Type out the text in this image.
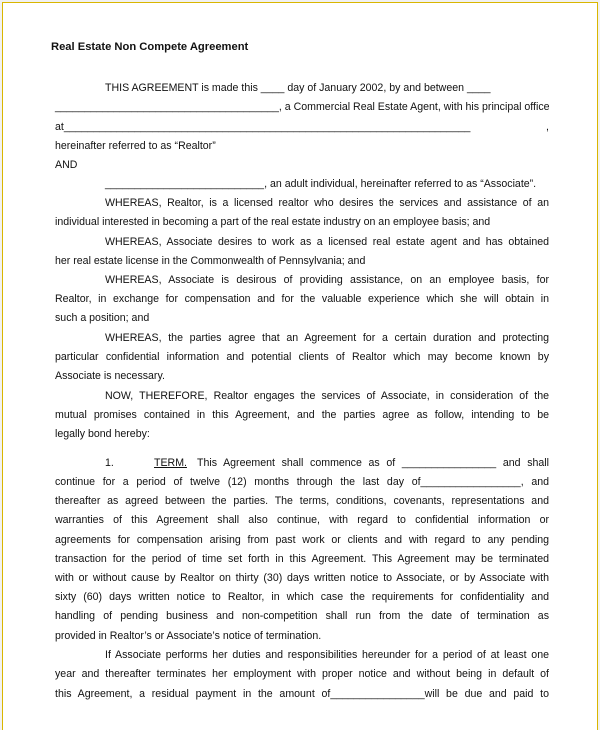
Real Estate Non Compete Agreement
THIS AGREEMENT is made this ____ day of January 2002, by and between ____
______________________________________, a Commercial Real Estate Agent, with his principal office
at_____________________________________________________________________ ,
hereinafter referred to as “Realtor”
AND
___________________________, an adult individual, hereinafter referred to as “Associate”.
WHEREAS, Realtor, is a licensed realtor who desires the services and assistance of an
individual interested in becoming a part of the real estate industry on an employee basis; and
WHEREAS, Associate desires to work as a licensed real estate agent and has obtained
her real estate license in the Commonwealth of Pennsylvania; and
WHEREAS, Associate is desirous of providing assistance, on an employee basis, for
Realtor, in exchange for compensation and for the valuable experience which she will obtain in
such a position; and
WHEREAS, the parties agree that an Agreement for a certain duration and protecting
particular confidential information and potential clients of Realtor which may become known by
Associate is necessary.
NOW, THEREFORE, Realtor engages the services of Associate, in consideration of the
mutual promises contained in this Agreement, and the parties agree as follow, intending to be
legally bond hereby:
1.	TERM. This Agreement shall commence as of ________________ and shall
continue for a period of twelve (12) months through the last day of_________________, and
thereafter as agreed between the parties. The terms, conditions, covenants, representations and
warranties of this Agreement shall also continue, with regard to confidential information or
agreements for compensation arising from past work or clients and with regard to any pending
transaction for the period of time set forth in this Agreement. This Agreement may be terminated
with or without cause by Realtor on thirty (30) days written notice to Associate, or by Associate with
sixty (60) days written notice to Realtor, in which case the requirements for confidentiality and
handling of pending business and non-competition shall run from the date of termination as
provided in Realtor’s or Associate’s notice of termination.
If Associate performs her duties and responsibilities hereunder for a period of at least one
year and thereafter terminates her employment with proper notice and without being in default of
this Agreement, a residual payment in the amount of________________will be due and paid to
